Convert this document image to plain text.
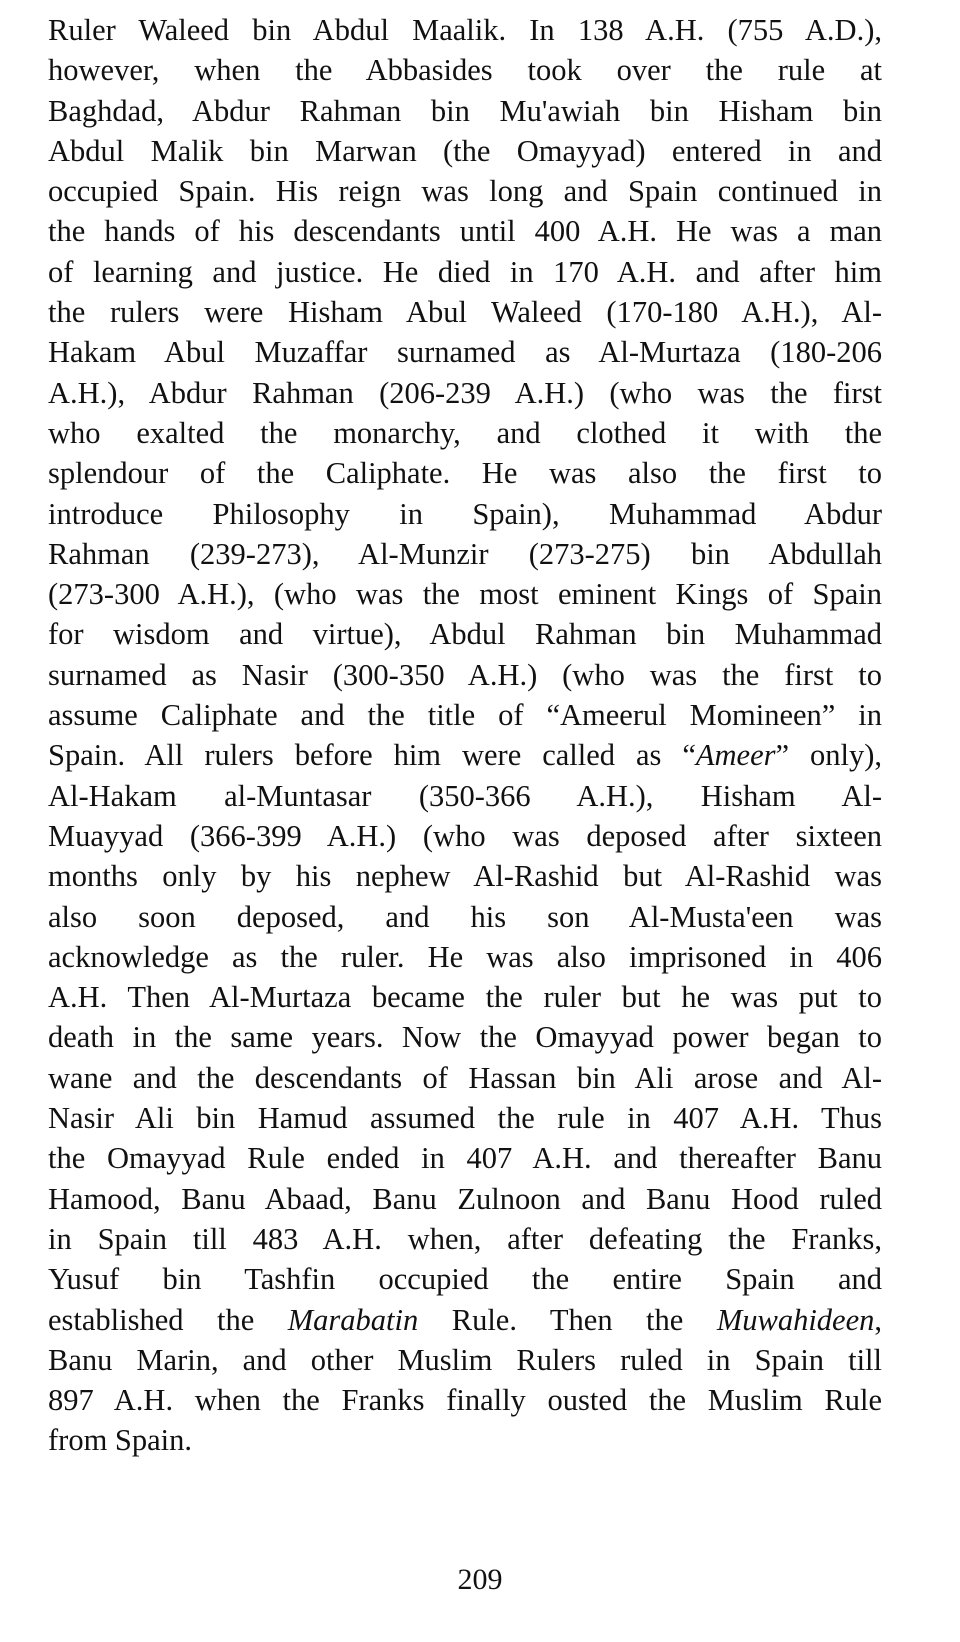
Ruler Waleed bin Abdul Maalik. In 138 A.H. (755 A.D.),
however, when the Abbasides took over the rule at
Baghdad, Abdur Rahman bin Mu'awiah bin Hisham bin
Abdul Malik bin Marwan (the Omayyad) entered in and
occupied Spain. His reign was long and Spain continued in
the hands of his descendants until 400 A.H. He was a man
of learning and justice. He died in 170 A.H. and after him
the rulers were Hisham Abul Waleed (170-180 A.H.), Al-
Hakam Abul Muzaffar surnamed as Al-Murtaza (180-206
A.H.), Abdur Rahman (206-239 A.H.) (who was the first
who exalted the monarchy, and clothed it with the
splendour of the Caliphate. He was also the first to
introduce Philosophy in Spain), Muhammad Abdur
Rahman (239-273), Al-Munzir (273-275) bin Abdullah
(273-300 A.H.), (who was the most eminent Kings of Spain
for wisdom and virtue), Abdul Rahman bin Muhammad
surnamed as Nasir (300-350 A.H.) (who was the first to
assume Caliphate and the title of “Ameerul Momineen” in
Spain. All rulers before him were called as “Ameer” only),
Al-Hakam al-Muntasar (350-366 A.H.), Hisham Al-
Muayyad (366-399 A.H.) (who was deposed after sixteen
months only by his nephew Al-Rashid but Al-Rashid was
also soon deposed, and his son Al-Musta'een was
acknowledge as the ruler. He was also imprisoned in 406
A.H. Then Al-Murtaza became the ruler but he was put to
death in the same years. Now the Omayyad power began to
wane and the descendants of Hassan bin Ali arose and Al-
Nasir Ali bin Hamud assumed the rule in 407 A.H. Thus
the Omayyad Rule ended in 407 A.H. and thereafter Banu
Hamood, Banu Abaad, Banu Zulnoon and Banu Hood ruled
in Spain till 483 A.H. when, after defeating the Franks,
Yusuf bin Tashfin occupied the entire Spain and
established the Marabatin Rule. Then the Muwahideen,
Banu Marin, and other Muslim Rulers ruled in Spain till
897 A.H. when the Franks finally ousted the Muslim Rule
from Spain.
209
